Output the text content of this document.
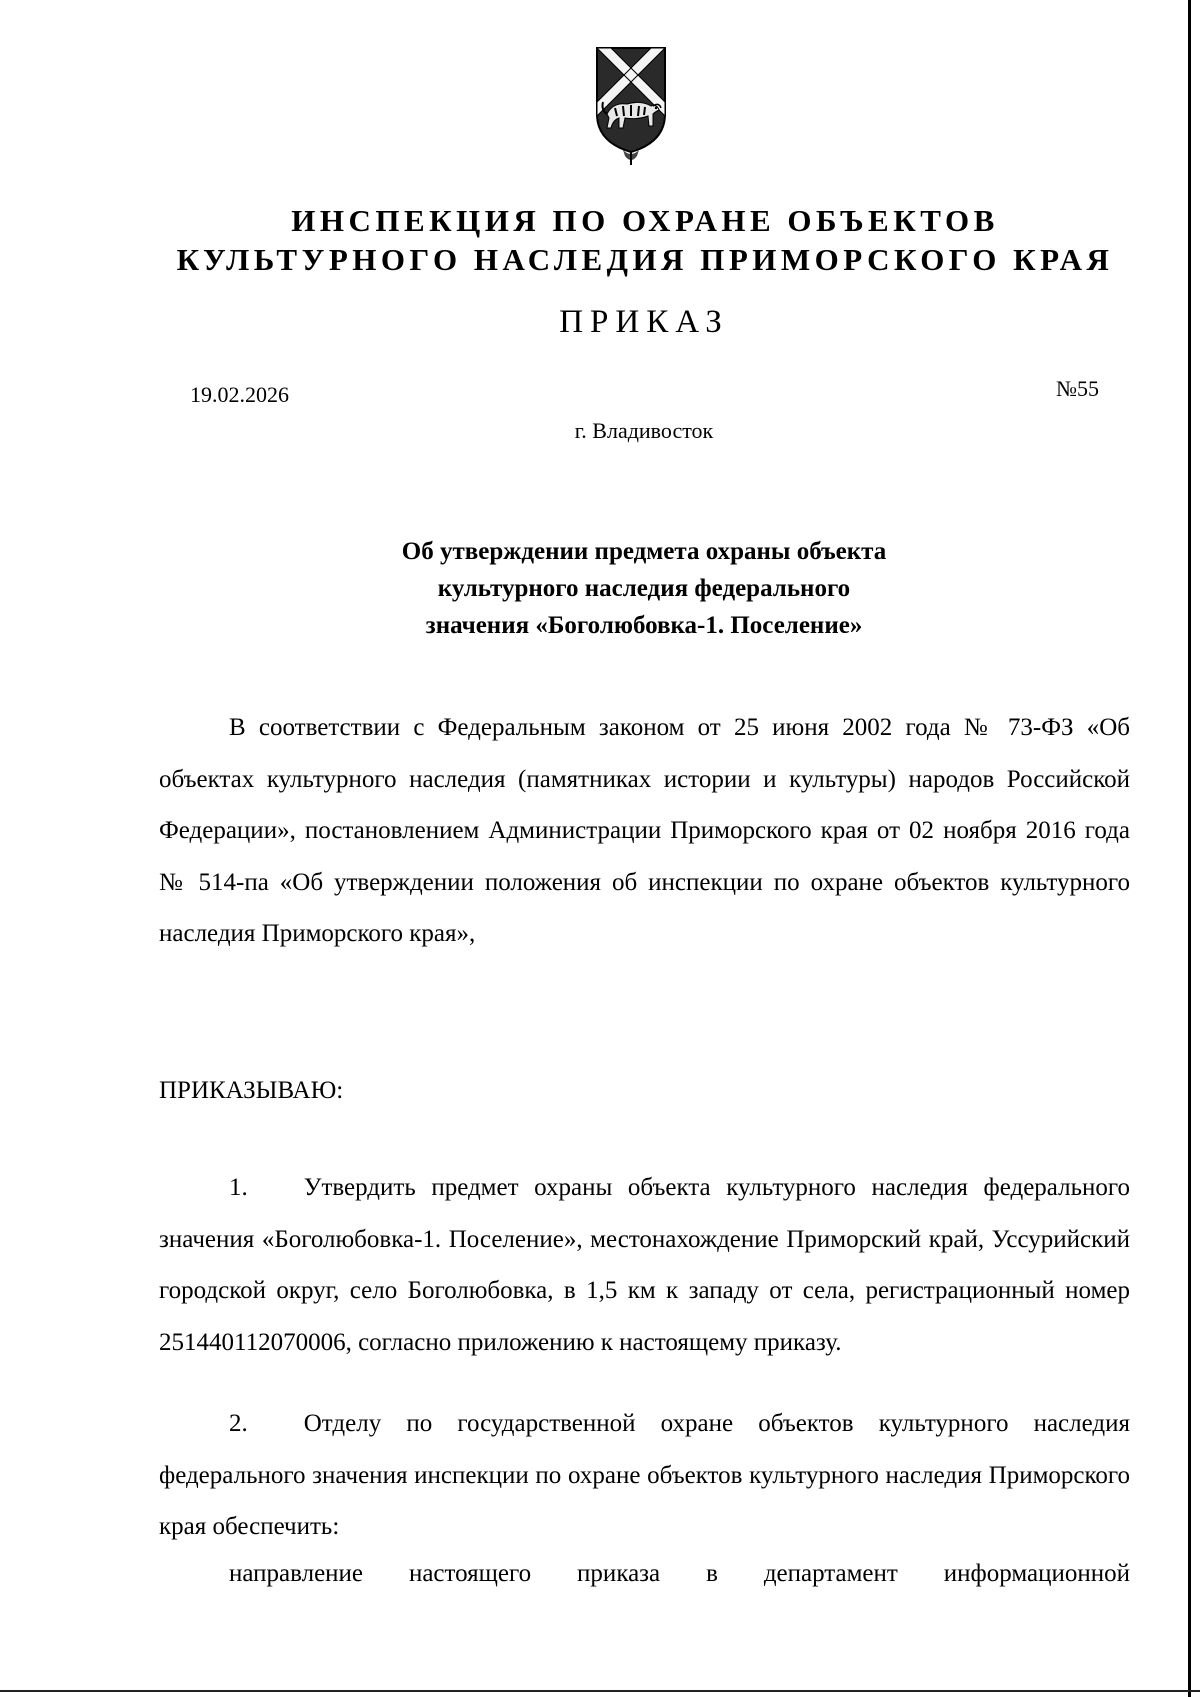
ИНСПЕКЦИЯ ПО ОХРАНЕ ОБЪЕКТОВ
КУЛЬТУРНОГО НАСЛЕДИЯ ПРИМОРСКОГО КРАЯ
ПРИКАЗ
19.02.2026	№55
г. Владивосток
Об утверждении предмета охраны объекта
культурного наследия федерального
значения «Боголюбовка-1. Поселение»
В соответствии с Федеральным законом от 25 июня 2002 года № 73-ФЗ «Об объектах культурного наследия (памятниках истории и культуры) народов Российской Федерации», постановлением Администрации Приморского края от 02 ноября 2016 года № 514-па «Об утверждении положения об инспекции по охране объектов культурного наследия Приморского края»,
ПРИКАЗЫВАЮ:
1. Утвердить предмет охраны объекта культурного наследия федерального значения «Боголюбовка-1. Поселение», местонахождение Приморский край, Уссурийский городской округ, село Боголюбовка, в 1,5 км к западу от села, регистрационный номер 251440112070006, согласно приложению к настоящему приказу.
2. Отделу по государственной охране объектов культурного наследия федерального значения инспекции по охране объектов культурного наследия Приморского края обеспечить:
направление настоящего приказа в департамент информационной
